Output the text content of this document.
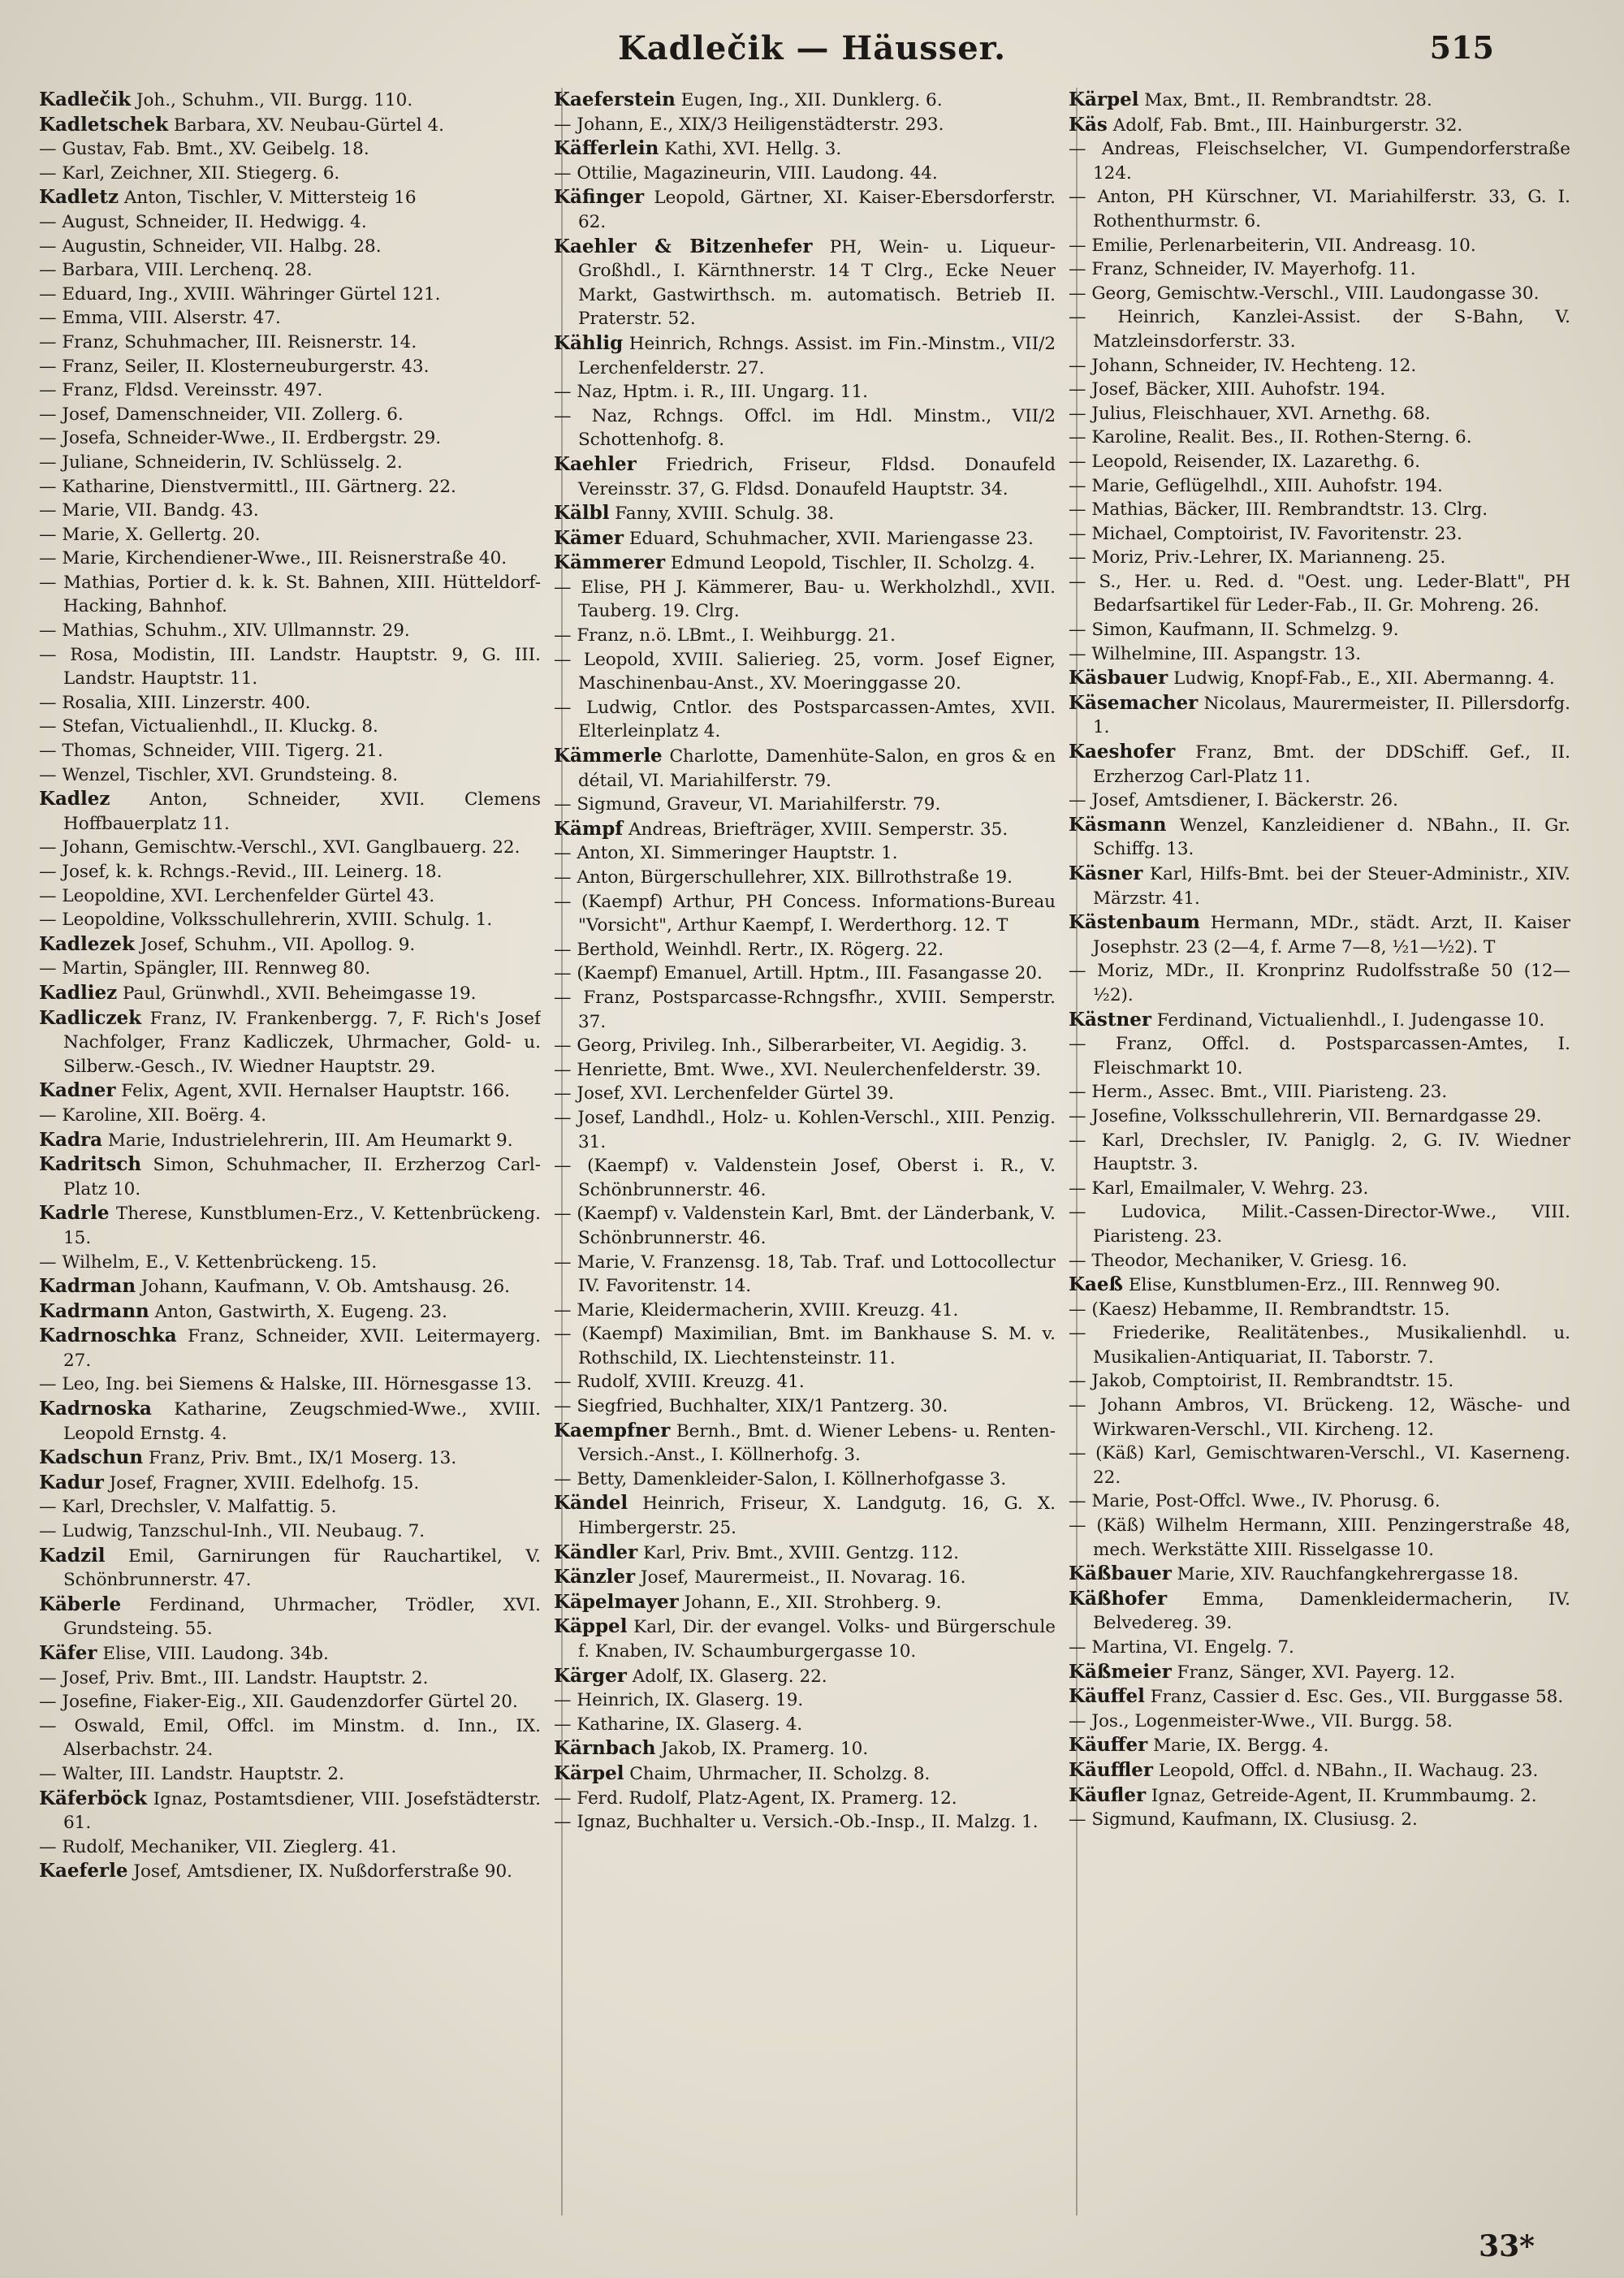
Kadlečik — Häusser.	515
Kadlečik Joh., Schuhm., VII. Burgg. 110.
Kadletschek Barbara, XV. Neubau-Gürtel 4.
— Gustav, Fab. Bmt., XV. Geibelg. 18.
— Karl, Zeichner, XII. Stiegerg. 6.
Kadletz Anton, Tischler, V. Mittersteig 16
— August, Schneider, II. Hedwigg. 4.
— Augustin, Schneider, VII. Halbg. 28.
— Barbara, VIII. Lerchenq. 28.
— Eduard, Ing., XVIII. Währinger Gürtel 121.
— Emma, VIII. Alserstr. 47.
— Franz, Schuhmacher, III. Reisnerstr. 14.
— Franz, Seiler, II. Klosterneuburgerstr. 43.
— Franz, Fldsd. Vereinsstr. 497.
— Josef, Damenschneider, VII. Zollerg. 6.
— Josefa, Schneider-Wwe., II. Erdbergstr. 29.
— Juliane, Schneiderin, IV. Schlüsselg. 2.
— Katharine, Dienstvermittl., III. Gärtnerg. 22.
— Marie, VII. Bandg. 43.
— Marie, X. Gellertg. 20.
— Marie, Kirchendiener-Wwe., III. Reisnerstraße 40.
— Mathias, Portier d. k. k. St. Bahnen, XIII. Hütteldorf-Hacking, Bahnhof.
— Mathias, Schuhm., XIV. Ullmannstr. 29.
— Rosa, Modistin, III. Landstr. Hauptstr. 9, G. III. Landstr. Hauptstr. 11.
— Rosalia, XIII. Linzerstr. 400.
— Stefan, Victualienhdl., II. Kluckg. 8.
— Thomas, Schneider, VIII. Tigerg. 21.
— Wenzel, Tischler, XVI. Grundsteing. 8.
Kadlez Anton, Schneider, XVII. Clemens Hoffbauerplatz 11.
— Johann, Gemischtw.-Verschl., XVI. Ganglbauerg. 22.
— Josef, k. k. Rchngs.-Revid., III. Leinerg. 18.
— Leopoldine, XVI. Lerchenfelder Gürtel 43.
— Leopoldine, Volksschullehrerin, XVIII. Schulg. 1.
Kadlezek Josef, Schuhm., VII. Apollog. 9.
— Martin, Spängler, III. Rennweg 80.
Kadliez Paul, Grünwhdl., XVII. Beheimgasse 19.
Kadliczek Franz, IV. Frankenbergg. 7, F. Rich's Josef Nachfolger, Franz Kadliczek, Uhrmacher, Gold- u. Silberw.-Gesch., IV. Wiedner Hauptstr. 29.
Kadner Felix, Agent, XVII. Hernalser Hauptstr. 166.
— Karoline, XII. Boërg. 4.
Kadra Marie, Industrielehrerin, III. Am Heumarkt 9.
Kadritsch Simon, Schuhmacher, II. Erzherzog Carl-Platz 10.
Kadrle Therese, Kunstblumen-Erz., V. Kettenbrückeng. 15.
— Wilhelm, E., V. Kettenbrückeng. 15.
Kadrman Johann, Kaufmann, V. Ob. Amtshausg. 26.
Kadrmann Anton, Gastwirth, X. Eugeng. 23.
Kadrnoschka Franz, Schneider, XVII. Leitermayerg. 27.
— Leo, Ing. bei Siemens & Halske, III. Hörnesgasse 13.
Kadrnoska Katharine, Zeugschmied-Wwe., XVIII. Leopold Ernstg. 4.
Kadschun Franz, Priv. Bmt., IX/1 Moserg. 13.
Kadur Josef, Fragner, XVIII. Edelhofg. 15.
— Karl, Drechsler, V. Malfattig. 5.
— Ludwig, Tanzschul-Inh., VII. Neubaug. 7.
Kadzil Emil, Garnirungen für Rauchartikel, V. Schönbrunnerstr. 47.
Käberle Ferdinand, Uhrmacher, Trödler, XVI. Grundsteing. 55.
Käfer Elise, VIII. Laudong. 34b.
— Josef, Priv. Bmt., III. Landstr. Hauptstr. 2.
— Josefine, Fiaker-Eig., XII. Gaudenzdorfer Gürtel 20.
— Oswald, Emil, Offcl. im Minstm. d. Inn., IX. Alserbachstr. 24.
— Walter, III. Landstr. Hauptstr. 2.
Käferböck Ignaz, Postamtsdiener, VIII. Josefstädterstr. 61.
— Rudolf, Mechaniker, VII. Zieglerg. 41.
Kaeferle Josef, Amtsdiener, IX. Nußdorferstraße 90.
Kaeferstein Eugen, Ing., XII. Dunklerg. 6.
— Johann, E., XIX/3 Heiligenstädterstr. 293.
Käfferlein Kathi, XVI. Hellg. 3.
— Ottilie, Magazineurin, VIII. Laudong. 44.
Käfinger Leopold, Gärtner, XI. Kaiser-Ebersdorferstr. 62.
Kaehler & Bitzenhefer PH, Wein- u. Liqueur-Großhdl., I. Kärnthnerstr. 14 T Clrg., Ecke Neuer Markt, Gastwirthsch. m. automatisch. Betrieb II. Praterstr. 52.
Kählig Heinrich, Rchngs. Assist. im Fin.-Minstm., VII/2 Lerchenfelderstr. 27.
— Naz, Hptm. i. R., III. Ungarg. 11.
— Naz, Rchngs. Offcl. im Hdl. Minstm., VII/2 Schottenhofg. 8.
Kaehler Friedrich, Friseur, Fldsd. Donaufeld Vereinsstr. 37, G. Fldsd. Donaufeld Hauptstr. 34.
Kälbl Fanny, XVIII. Schulg. 38.
Kämer Eduard, Schuhmacher, XVII. Mariengasse 23.
Kämmerer Edmund Leopold, Tischler, II. Scholzg. 4.
— Elise, PH J. Kämmerer, Bau- u. Werkholzhdl., XVII. Tauberg. 19. Clrg.
— Franz, n.ö. LBmt., I. Weihburgg. 21.
— Leopold, XVIII. Salierieg. 25, vorm. Josef Eigner, Maschinenbau-Anst., XV. Moeringgasse 20.
— Ludwig, Cntlor. des Postsparcassen-Amtes, XVII. Elterleinplatz 4.
Kämmerle Charlotte, Damenhüte-Salon, en gros & en détail, VI. Mariahilferstr. 79.
— Sigmund, Graveur, VI. Mariahilferstr. 79.
Kämpf Andreas, Briefträger, XVIII. Semperstr. 35.
— Anton, XI. Simmeringer Hauptstr. 1.
— Anton, Bürgerschullehrer, XIX. Billrothstraße 19.
— (Kaempf) Arthur, PH Concess. Informations-Bureau "Vorsicht", Arthur Kaempf, I. Werderthorg. 12. T
— Berthold, Weinhdl. Rertr., IX. Rögerg. 22.
— (Kaempf) Emanuel, Artill. Hptm., III. Fasangasse 20.
— Franz, Postsparcasse-Rchngsfhr., XVIII. Semperstr. 37.
— Georg, Privileg. Inh., Silberarbeiter, VI. Aegidig. 3.
— Henriette, Bmt. Wwe., XVI. Neulerchenfelderstr. 39.
— Josef, XVI. Lerchenfelder Gürtel 39.
— Josef, Landhdl., Holz- u. Kohlen-Verschl., XIII. Penzig. 31.
— (Kaempf) v. Valdenstein Josef, Oberst i. R., V. Schönbrunnerstr. 46.
— (Kaempf) v. Valdenstein Karl, Bmt. der Länderbank, V. Schönbrunnerstr. 46.
— Marie, V. Franzensg. 18, Tab. Traf. und Lottocollectur IV. Favoritenstr. 14.
— Marie, Kleidermacherin, XVIII. Kreuzg. 41.
— (Kaempf) Maximilian, Bmt. im Bankhause S. M. v. Rothschild, IX. Liechtensteinstr. 11.
— Rudolf, XVIII. Kreuzg. 41.
— Siegfried, Buchhalter, XIX/1 Pantzerg. 30.
Kaempfner Bernh., Bmt. d. Wiener Lebens- u. Renten-Versich.-Anst., I. Köllnerhofg. 3.
— Betty, Damenkleider-Salon, I. Köllnerhofgasse 3.
Kändel Heinrich, Friseur, X. Landgutg. 16, G. X. Himbergerstr. 25.
Kändler Karl, Priv. Bmt., XVIII. Gentzg. 112.
Känzler Josef, Maurermeist., II. Novarag. 16.
Käpelmayer Johann, E., XII. Strohberg. 9.
Käppel Karl, Dir. der evangel. Volks- und Bürgerschule f. Knaben, IV. Schaumburgergasse 10.
Kärger Adolf, IX. Glaserg. 22.
— Heinrich, IX. Glaserg. 19.
— Katharine, IX. Glaserg. 4.
Kärnbach Jakob, IX. Pramerg. 10.
Kärpel Chaim, Uhrmacher, II. Scholzg. 8.
— Ferd. Rudolf, Platz-Agent, IX. Pramerg. 12.
— Ignaz, Buchhalter u. Versich.-Ob.-Insp., II. Malzg. 1.
Kärpel Max, Bmt., II. Rembrandtstr. 28.
Käs Adolf, Fab. Bmt., III. Hainburgerstr. 32.
— Andreas, Fleischselcher, VI. Gumpendorferstraße 124.
— Anton, PH Kürschner, VI. Mariahilferstr. 33, G. I. Rothenthurmstr. 6.
— Emilie, Perlenarbeiterin, VII. Andreasg. 10.
— Franz, Schneider, IV. Mayerhofg. 11.
— Georg, Gemischtw.-Verschl., VIII. Laudongasse 30.
— Heinrich, Kanzlei-Assist. der S-Bahn, V. Matzleinsdorferstr. 33.
— Johann, Schneider, IV. Hechteng. 12.
— Josef, Bäcker, XIII. Auhofstr. 194.
— Julius, Fleischhauer, XVI. Arnethg. 68.
— Karoline, Realit. Bes., II. Rothen-Sterng. 6.
— Leopold, Reisender, IX. Lazarethg. 6.
— Marie, Geflügelhdl., XIII. Auhofstr. 194.
— Mathias, Bäcker, III. Rembrandtstr. 13. Clrg.
— Michael, Comptoirist, IV. Favoritenstr. 23.
— Moriz, Priv.-Lehrer, IX. Marianneng. 25.
— S., Her. u. Red. d. "Oest. ung. Leder-Blatt", PH Bedarfsartikel für Leder-Fab., II. Gr. Mohreng. 26.
— Simon, Kaufmann, II. Schmelzg. 9.
— Wilhelmine, III. Aspangstr. 13.
Käsbauer Ludwig, Knopf-Fab., E., XII. Abermanng. 4.
Käsemacher Nicolaus, Maurermeister, II. Pillersdorfg. 1.
Kaeshofer Franz, Bmt. der DDSchiff. Gef., II. Erzherzog Carl-Platz 11.
— Josef, Amtsdiener, I. Bäckerstr. 26.
Käsmann Wenzel, Kanzleidiener d. NBahn., II. Gr. Schiffg. 13.
Käsner Karl, Hilfs-Bmt. bei der Steuer-Administr., XIV. Märzstr. 41.
Kästenbaum Hermann, MDr., städt. Arzt, II. Kaiser Josephstr. 23 (2—4, f. Arme 7—8, ½1—½2). T
— Moriz, MDr., II. Kronprinz Rudolfsstraße 50 (12—½2).
Kästner Ferdinand, Victualienhdl., I. Judengasse 10.
— Franz, Offcl. d. Postsparcassen-Amtes, I. Fleischmarkt 10.
— Herm., Assec. Bmt., VIII. Piaristeng. 23.
— Josefine, Volksschullehrerin, VII. Bernardgasse 29.
— Karl, Drechsler, IV. Paniglg. 2, G. IV. Wiedner Hauptstr. 3.
— Karl, Emailmaler, V. Wehrg. 23.
— Ludovica, Milit.-Cassen-Director-Wwe., VIII. Piaristeng. 23.
— Theodor, Mechaniker, V. Griesg. 16.
Kaeß Elise, Kunstblumen-Erz., III. Rennweg 90.
— (Kaesz) Hebamme, II. Rembrandtstr. 15.
— Friederike, Realitätenbes., Musikalienhdl. u. Musikalien-Antiquariat, II. Taborstr. 7.
— Jakob, Comptoirist, II. Rembrandtstr. 15.
— Johann Ambros, VI. Brückeng. 12, Wäsche- und Wirkwaren-Verschl., VII. Kircheng. 12.
— (Käß) Karl, Gemischtwaren-Verschl., VI. Kaserneng. 22.
— Marie, Post-Offcl. Wwe., IV. Phorusg. 6.
— (Käß) Wilhelm Hermann, XIII. Penzingerstraße 48, mech. Werkstätte XIII. Risselgasse 10.
Käßbauer Marie, XIV. Rauchfangkehrergasse 18.
Käßhofer Emma, Damenkleidermacherin, IV. Belvedereg. 39.
— Martina, VI. Engelg. 7.
Käßmeier Franz, Sänger, XVI. Payerg. 12.
Käuffel Franz, Cassier d. Esc. Ges., VII. Burggasse 58.
— Jos., Logenmeister-Wwe., VII. Burgg. 58.
Käuffer Marie, IX. Bergg. 4.
Käuffler Leopold, Offcl. d. NBahn., II. Wachaug. 23.
Käufler Ignaz, Getreide-Agent, II. Krummbaumg. 2.
— Sigmund, Kaufmann, IX. Clusiusg. 2.
33*
